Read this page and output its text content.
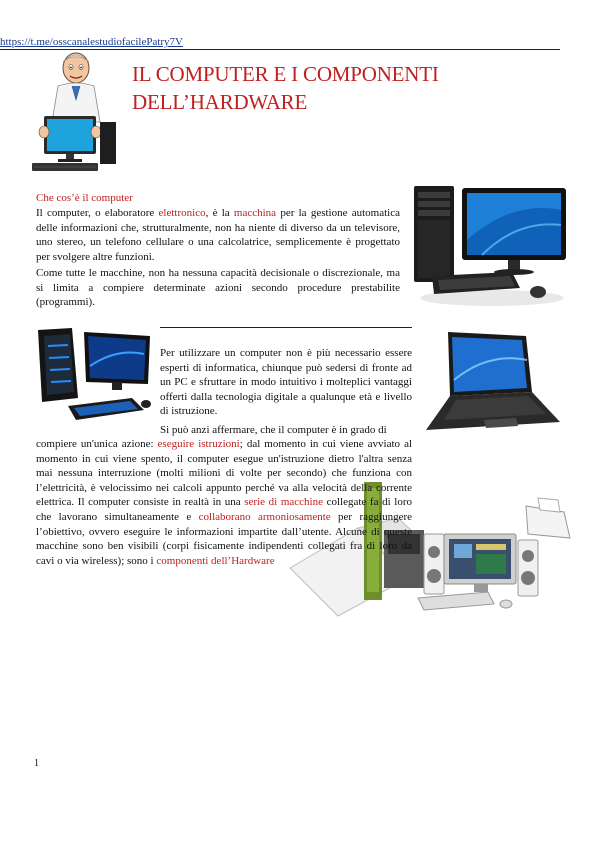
https://t.me/osscanalestudiofacilePatry7V
IL COMPUTER E I COMPONENTI
DELL’HARDWARE
Che cos’è il computer
Il computer, o elaboratore elettronico, è la macchina per la gestione automatica delle informazioni che, strutturalmente, non ha niente di diverso da un televisore, uno stereo, un telefono cellulare o una calcolatrice, semplicemente è progettato per svolgere altre funzioni.
Come tutte le macchine, non ha nessuna capacità decisionale o discrezionale, ma si limita a compiere determinate azioni secondo procedure prestabilite (programmi).
Per utilizzare un computer non è più necessario essere esperti di informatica, chiunque può sedersi di fronte ad un PC e sfruttare in modo intuitivo i molteplici vantaggi offerti dalla tecnologia digitale a qualunque età e livello di istruzione.
Si può anzi affermare, che il computer è in grado di
compiere un'unica azione: eseguire istruzioni; dal momento in cui viene avviato al momento in cui viene spento, il computer esegue un'istruzione dietro l'altra senza mai nessuna interruzione (molti milioni di volte per secondo) che funziona con l’elettricità, è velocissimo nei calcoli appunto perché va alla velocità della corrente elettrica. Il computer consiste in realtà in una serie di macchine collegate fa di loro che lavorano simultaneamente e collaborano armoniosamente per raggiungere l’obiettivo, ovvero eseguire le informazioni impartite dall’utente. Alcune di queste macchine sono ben visibili (corpi fisicamente indipendenti collegati fra di loro da cavi o via wireless); sono i componenti dell’Hardware
1
